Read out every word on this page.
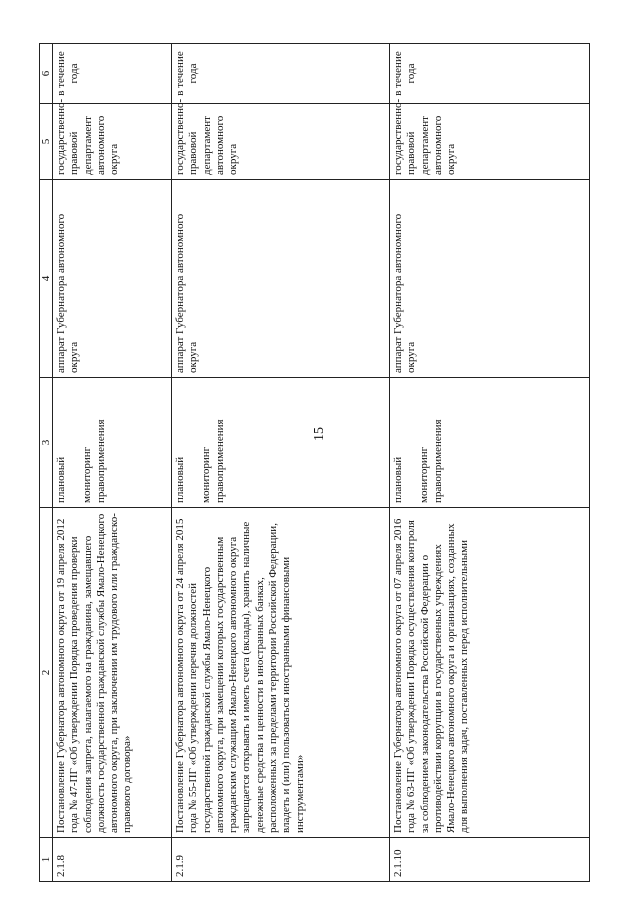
15
1	2	3	4	5	6
2.1.8	Постановление Губернатора автономного округа от 19 апреля 2012 года № 47-ПГ «Об утверждении Порядка проведения проверки соблюдения запрета, налагаемого на гражданина, замещавшего должность государственной гражданской службы Ямало-Ненецкого автономного округа, при заключении им трудового или гражданско-правового договора»	плановый мониторинг правоприменения	аппарат Губернатора автономного округа	государственно-правовой департамент автономного округа	в течение года
2.1.9	Постановление Губернатора автономного округа от 24 апреля 2015 года № 55-ПГ «Об утверждении перечня должностей государственной гражданской службы Ямало-Ненецкого автономного округа, при замещении которых государственным гражданским служащим Ямало-Ненецкого автономного округа запрещается открывать и иметь счета (вклады), хранить наличные денежные средства и ценности в иностранных банках, расположенных за пределами территории Российской Федерации, владеть и (или) пользоваться иностранными финансовыми инструментами»	плановый мониторинг правоприменения	аппарат Губернатора автономного округа	государственно-правовой департамент автономного округа	в течение года
2.1.10	Постановление Губернатора автономного округа от 07 апреля 2016 года № 63-ПГ «Об утверждении Порядка осуществления контроля за соблюдением законодательства Российской Федерации о противодействии коррупции в государственных учреждениях Ямало-Ненецкого автономного округа и организациях, созданных для выполнения задач, поставленных перед исполнительными	плановый мониторинг правоприменения	аппарат Губернатора автономного округа	государственно-правовой департамент автономного округа	в течение года
